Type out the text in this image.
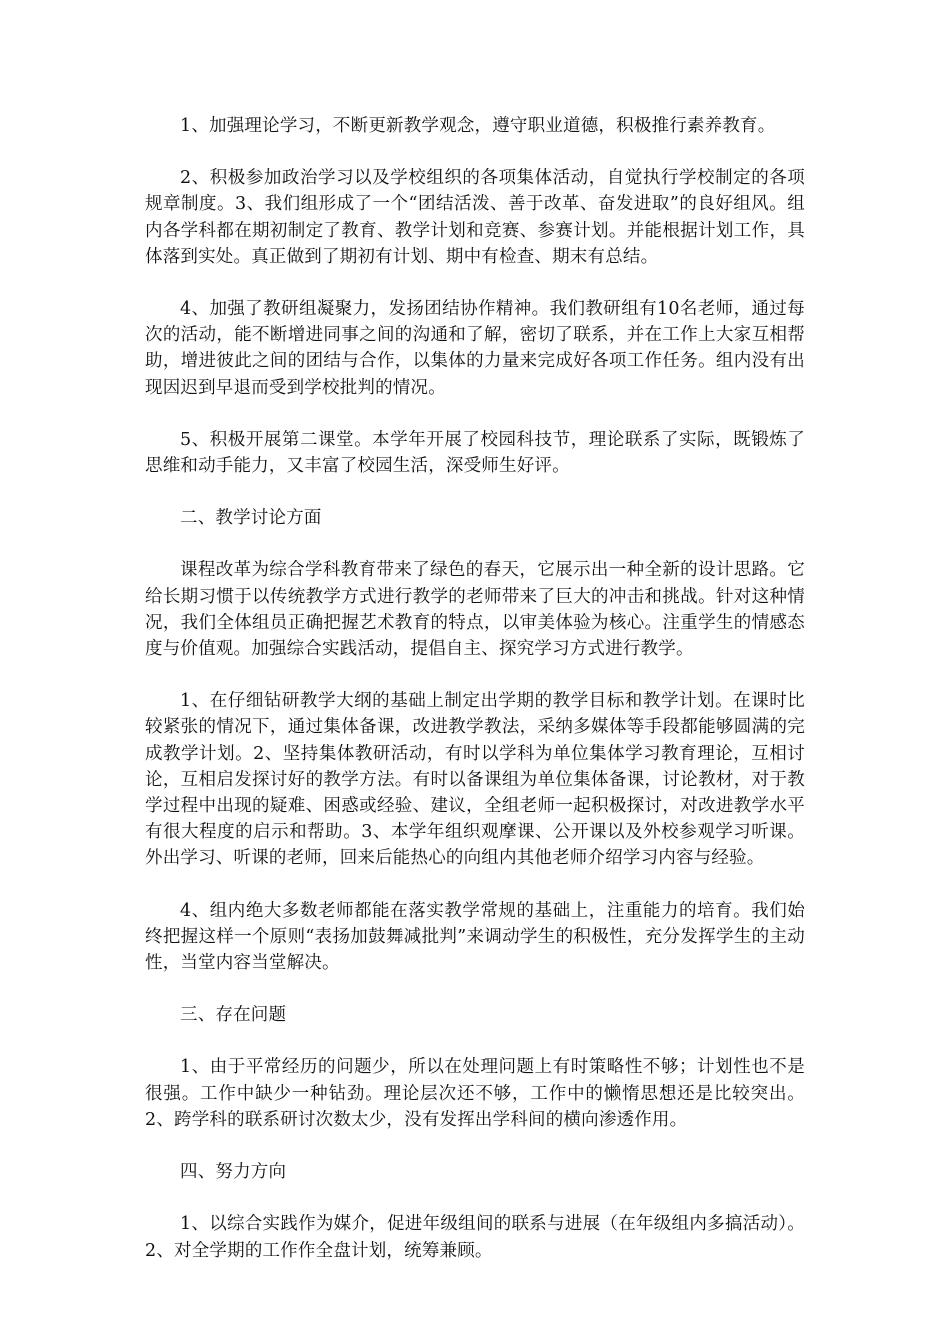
1、加强理论学习，不断更新教学观念，遵守职业道德，积极推行素养教育。

2、积极参加政治学习以及学校组织的各项集体活动，自觉执行学校制定的各项规章制度。3、我们组形成了一个“团结活泼、善于改革、奋发进取”的良好组风。组内各学科都在期初制定了教育、教学计划和竞赛、参赛计划。并能根据计划工作，具体落到实处。真正做到了期初有计划、期中有检查、期末有总结。

4、加强了教研组凝聚力，发扬团结协作精神。我们教研组有10名老师，通过每次的活动，能不断增进同事之间的沟通和了解，密切了联系，并在工作上大家互相帮助，增进彼此之间的团结与合作，以集体的力量来完成好各项工作任务。组内没有出现因迟到早退而受到学校批判的情况。

5、积极开展第二课堂。本学年开展了校园科技节，理论联系了实际，既锻炼了思维和动手能力，又丰富了校园生活，深受师生好评。

二、教学讨论方面

课程改革为综合学科教育带来了绿色的春天，它展示出一种全新的设计思路。它给长期习惯于以传统教学方式进行教学的老师带来了巨大的冲击和挑战。针对这种情况，我们全体组员正确把握艺术教育的特点，以审美体验为核心。注重学生的情感态度与价值观。加强综合实践活动，提倡自主、探究学习方式进行教学。

1、在仔细钻研教学大纲的基础上制定出学期的教学目标和教学计划。在课时比较紧张的情况下，通过集体备课，改进教学教法，采纳多媒体等手段都能够圆满的完成教学计划。2、坚持集体教研活动，有时以学科为单位集体学习教育理论，互相讨论，互相启发探讨好的教学方法。有时以备课组为单位集体备课，讨论教材，对于教学过程中出现的疑难、困惑或经验、建议，全组老师一起积极探讨，对改进教学水平有很大程度的启示和帮助。3、本学年组织观摩课、公开课以及外校参观学习听课。外出学习、听课的老师，回来后能热心的向组内其他老师介绍学习内容与经验。

4、组内绝大多数老师都能在落实教学常规的基础上，注重能力的培育。我们始终把握这样一个原则“表扬加鼓舞减批判”来调动学生的积极性，充分发挥学生的主动性，当堂内容当堂解决。

三、存在问题

1、由于平常经历的问题少，所以在处理问题上有时策略性不够；计划性也不是很强。工作中缺少一种钻劲。理论层次还不够，工作中的懒惰思想还是比较突出。2、跨学科的联系研讨次数太少，没有发挥出学科间的横向渗透作用。

四、努力方向

1、以综合实践作为媒介，促进年级组间的联系与进展（在年级组内多搞活动）。2、对全学期的工作作全盘计划，统筹兼顾。
